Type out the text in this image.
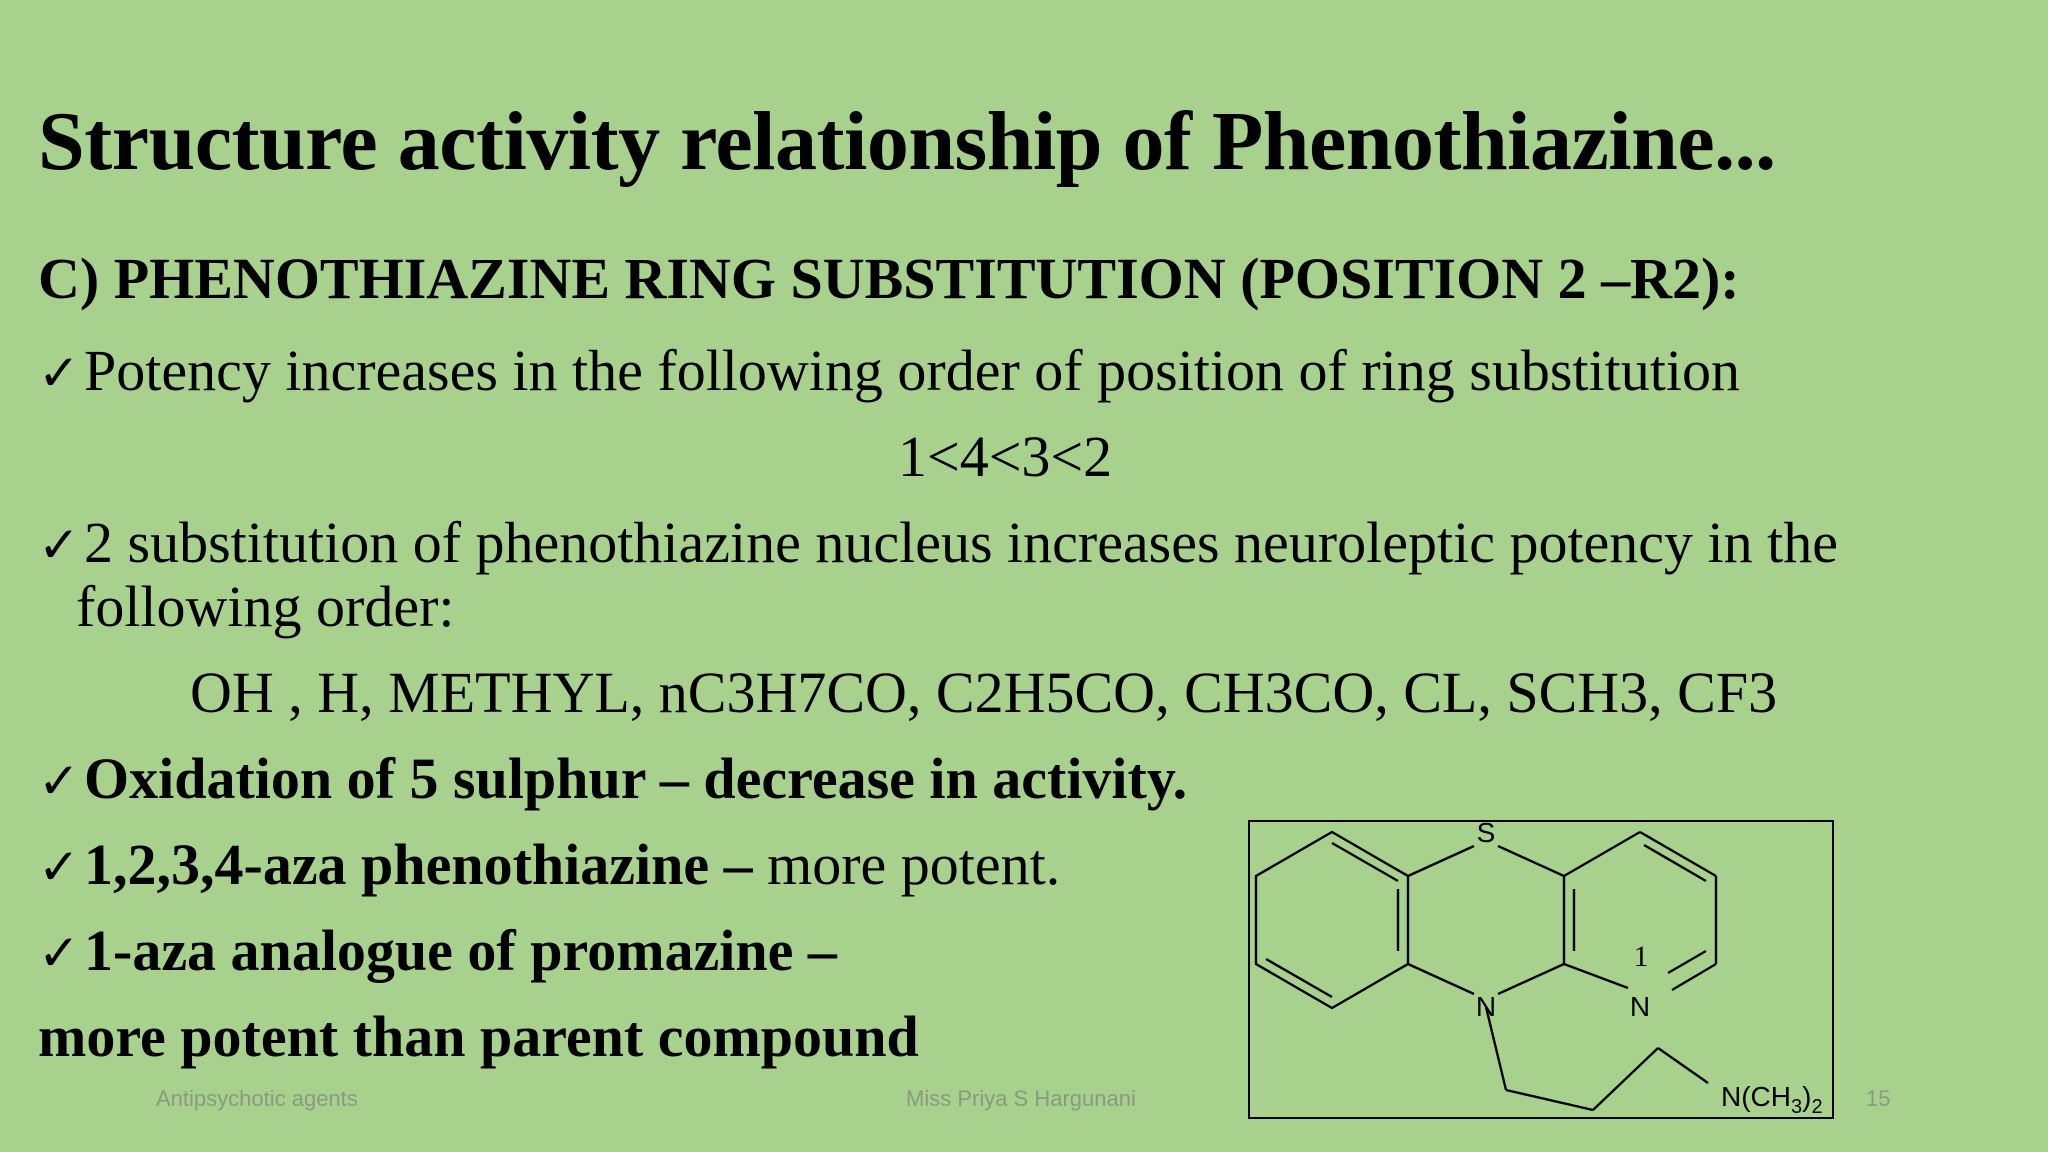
Structure activity relationship of Phenothiazine...
C) PHENOTHIAZINE RING SUBSTITUTION (POSITION 2 –R2):
✓Potency increases in the following order of position of ring substitution
1<4<3<2
✓2 substitution of phenothiazine nucleus increases neuroleptic potency in the
following order:
OH , H, METHYL, nC3H7CO, C2H5CO, CH3CO, CL, SCH3, CF3
✓Oxidation of 5 sulphur – decrease in activity.
✓1,2,3,4-aza phenothiazine – more potent.
✓1-aza analogue of promazine –
more potent than parent compound
S
N	N
1
$N(CH_3)_2$
Antipsychotic agents	Miss Priya S Hargunani	15
